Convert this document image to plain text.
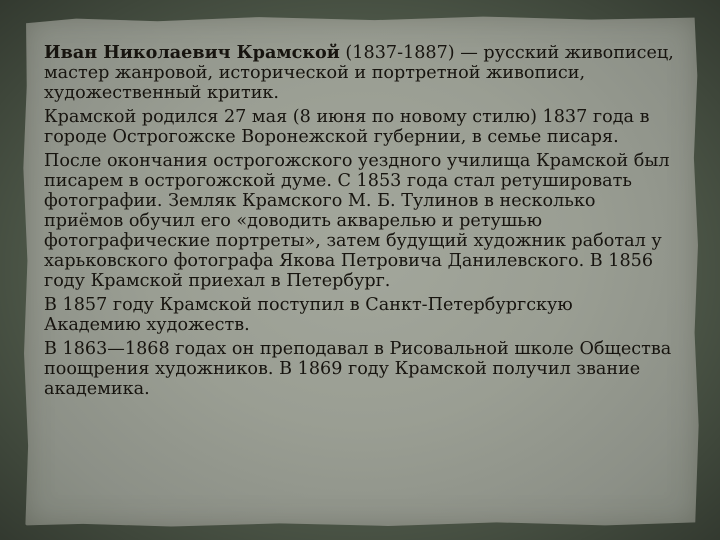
Иван Николаевич Крамской (1837-1887) — русский живописец, мастер жанровой, исторической и портретной живописи, художественный критик.

Крамской родился 27 мая (8 июня по новому стилю) 1837 года в городе Острогожске Воронежской губернии, в семье писаря.

После окончания острогожского уездного училища Крамской был писарем в острогожской думе. С 1853 года стал ретушировать фотографии. Земляк Крамского М. Б. Тулинов в несколько приёмов обучил его «доводить акварелью и ретушью фотографические портреты», затем будущий художник работал у харьковского фотографа Якова Петровича Данилевского. В 1856 году Крамской приехал в Петербург.

В 1857 году Крамской поступил в Санкт-Петербургскую Академию художеств.

В 1863—1868 годах он преподавал в Рисовальной школе Общества поощрения художников. В 1869 году Крамской получил звание академика.
